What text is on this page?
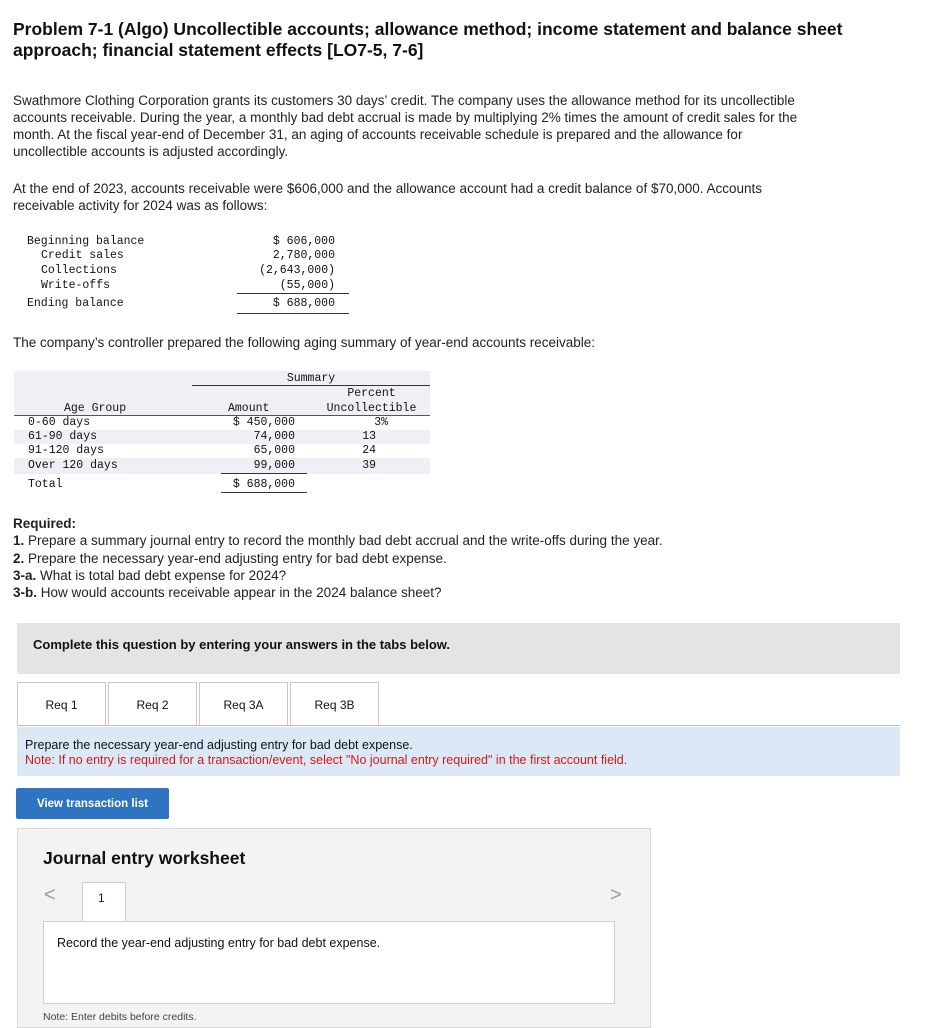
Problem 7-1 (Algo) Uncollectible accounts; allowance method; income statement and balance sheet
approach; financial statement effects [LO7-5, 7-6]
Swathmore Clothing Corporation grants its customers 30 days’ credit. The company uses the allowance method for its uncollectible
accounts receivable. During the year, a monthly bad debt accrual is made by multiplying 2% times the amount of credit sales for the
month. At the fiscal year-end of December 31, an aging of accounts receivable schedule is prepared and the allowance for
uncollectible accounts is adjusted accordingly.
At the end of 2023, accounts receivable were $606,000 and the allowance account had a credit balance of $70,000. Accounts
receivable activity for 2024 was as follows:
Beginning balance	$ 606,000
Credit sales	2,780,000
Collections	(2,643,000)
Write-offs	(55,000)
Ending balance	$ 688,000
The company’s controller prepared the following aging summary of year-end accounts receivable:
Summary
Percent
Age Group	Amount	Uncollectible
0-60 days	$ 450,000	3%
61-90 days	74,000	13
91-120 days	65,000	24
Over 120 days	99,000	39
Total	$ 688,000
Required:
1. Prepare a summary journal entry to record the monthly bad debt accrual and the write-offs during the year.
2. Prepare the necessary year-end adjusting entry for bad debt expense.
3-a. What is total bad debt expense for 2024?
3-b. How would accounts receivable appear in the 2024 balance sheet?
Complete this question by entering your answers in the tabs below.
Req 1	Req 2	Req 3A	Req 3B
Prepare the necessary year-end adjusting entry for bad debt expense.
Note: If no entry is required for a transaction/event, select "No journal entry required" in the first account field.
View transaction list
Journal entry worksheet
<	>
1
Record the year-end adjusting entry for bad debt expense.
Note: Enter debits before credits.
